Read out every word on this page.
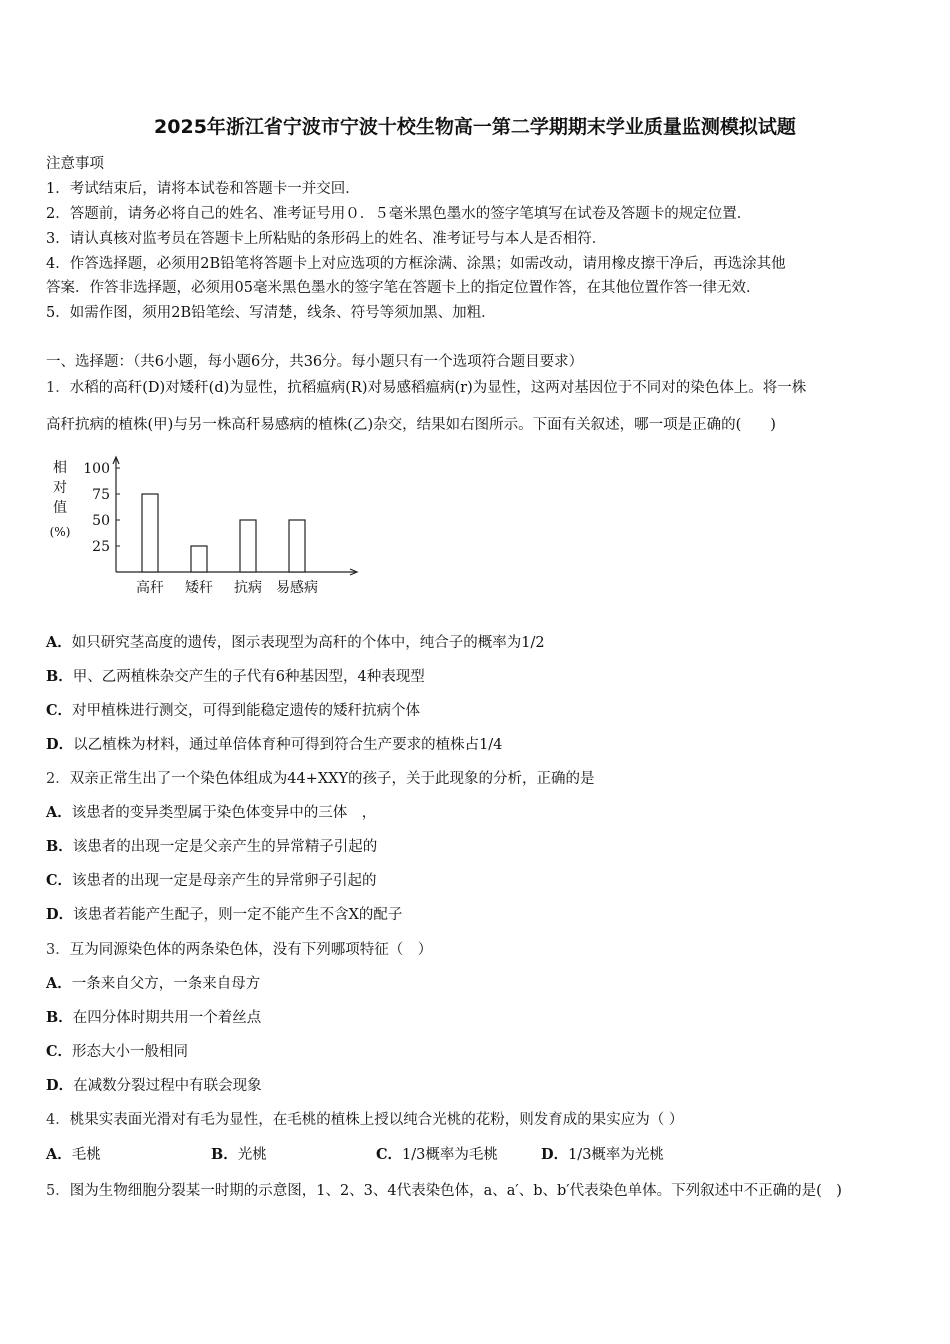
2025年浙江省宁波市宁波十校生物高一第二学期期末学业质量监测模拟试题
注意事项
1．考试结束后，请将本试卷和答题卡一并交回．
2．答题前，请务必将自己的姓名、准考证号用０．５毫米黑色墨水的签字笔填写在试卷及答题卡的规定位置．
3．请认真核对监考员在答题卡上所粘贴的条形码上的姓名、准考证号与本人是否相符．
4．作答选择题，必须用2B铅笔将答题卡上对应选项的方框涂满、涂黑；如需改动，请用橡皮擦干净后，再选涂其他
答案．作答非选择题，必须用05毫米黑色墨水的签字笔在答题卡上的指定位置作答，在其他位置作答一律无效．
5．如需作图，须用2B铅笔绘、写清楚，线条、符号等须加黑、加粗．
一、选择题：（共6小题，每小题6分，共36分。每小题只有一个选项符合题目要求）
1．水稻的高秆(D)对矮秆(d)为显性，抗稻瘟病(R)对易感稻瘟病(r)为显性，这两对基因位于不同对的染色体上。将一株
高秆抗病的植株(甲)与另一株高秆易感病的植株(乙)杂交，结果如右图所示。下面有关叙述，哪一项是正确的(　　)
25
50
75
100
相对值(%)
高秆 矮秆 抗病 易感病
A．如只研究茎高度的遗传，图示表现型为高秆的个体中，纯合子的概率为1/2
B．甲、乙两植株杂交产生的子代有6种基因型，4种表现型
C．对甲植株进行测交，可得到能稳定遗传的矮秆抗病个体
D．以乙植株为材料，通过单倍体育种可得到符合生产要求的植株占1/4
2．双亲正常生出了一个染色体组成为44+XXY的孩子，关于此现象的分析，正确的是
A．该患者的变异类型属于染色体变异中的三体　，
B．该患者的出现一定是父亲产生的异常精子引起的
C．该患者的出现一定是母亲产生的异常卵子引起的
D．该患者若能产生配子，则一定不能产生不含X的配子
3．互为同源染色体的两条染色体，没有下列哪项特征（　）
A．一条来自父方，一条来自母方
B．在四分体时期共用一个着丝点
C．形态大小一般相同
D．在减数分裂过程中有联会现象
4．桃果实表面光滑对有毛为显性，在毛桃的植株上授以纯合光桃的花粉，则发育成的果实应为（ ）
A．毛桃	B．光桃	C．1/3概率为毛桃	D．1/3概率为光桃
5．图为生物细胞分裂某一时期的示意图，1、2、3、4代表染色体，a、a′、b、b′代表染色单体。下列叙述中不正确的是(　)
